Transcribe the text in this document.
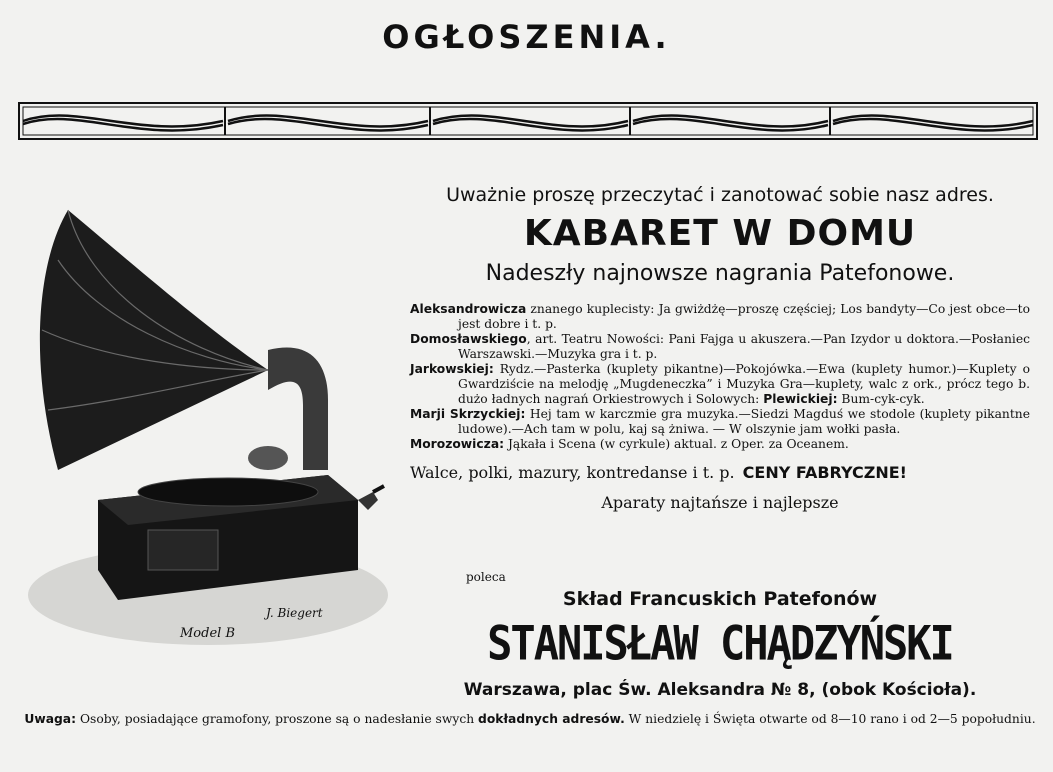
OGŁOSZENIA.
J. Biegert
Model B
Uważnie proszę przeczytać i zanotować sobie nasz adres.
KABARET W DOMU
Nadeszły najnowsze nagrania Patefonowe.
Aleksandrowicza znanego kuplecisty: Ja gwiżdżę—proszę częściej; Los bandyty—Co jest obce—to jest dobre i t. p.
Domosławskiego, art. Teatru Nowości: Pani Fajga u akuszera.—Pan Izydor u doktora.—Posłaniec Warszawski.—Muzyka gra i t. p.
Jarkowskiej: Rydz.—Pasterka (kuplety pikantne)—Pokojówka.—Ewa (kuplety humor.)—Kuplety o Gwardziście na melodję „Mugdeneczka” i Muzyka Gra—kuplety, walc z ork., prócz tego b. dużo ładnych nagrań Orkiestrowych i Solowych: Plewickiej: Bum-cyk-cyk.
Marji Skrzyckiej: Hej tam w karczmie gra muzyka.—Siedzi Magduś we stodole (kuplety pikantne ludowe).—Ach tam w polu, kaj są żniwa. — W olszynie jam wołki pasła.
Morozowicza: Jąkała i Scena (w cyrkule) aktual. z Oper. za Oceanem.
Walce, polki, mazury, kontredanse i t. p. CENY FABRYCZNE!
Aparaty najtańsze i najlepsze
poleca
Skład Francuskich Patefonów
STANISŁAW CHĄDZYŃSKI
Warszawa, plac Św. Aleksandra № 8, (obok Kościoła).
Uwaga: Osoby, posiadające gramofony, proszone są o nadesłanie swych dokładnych adresów. W niedzielę i Święta otwarte od 8—10 rano i od 2—5 popołudniu.
